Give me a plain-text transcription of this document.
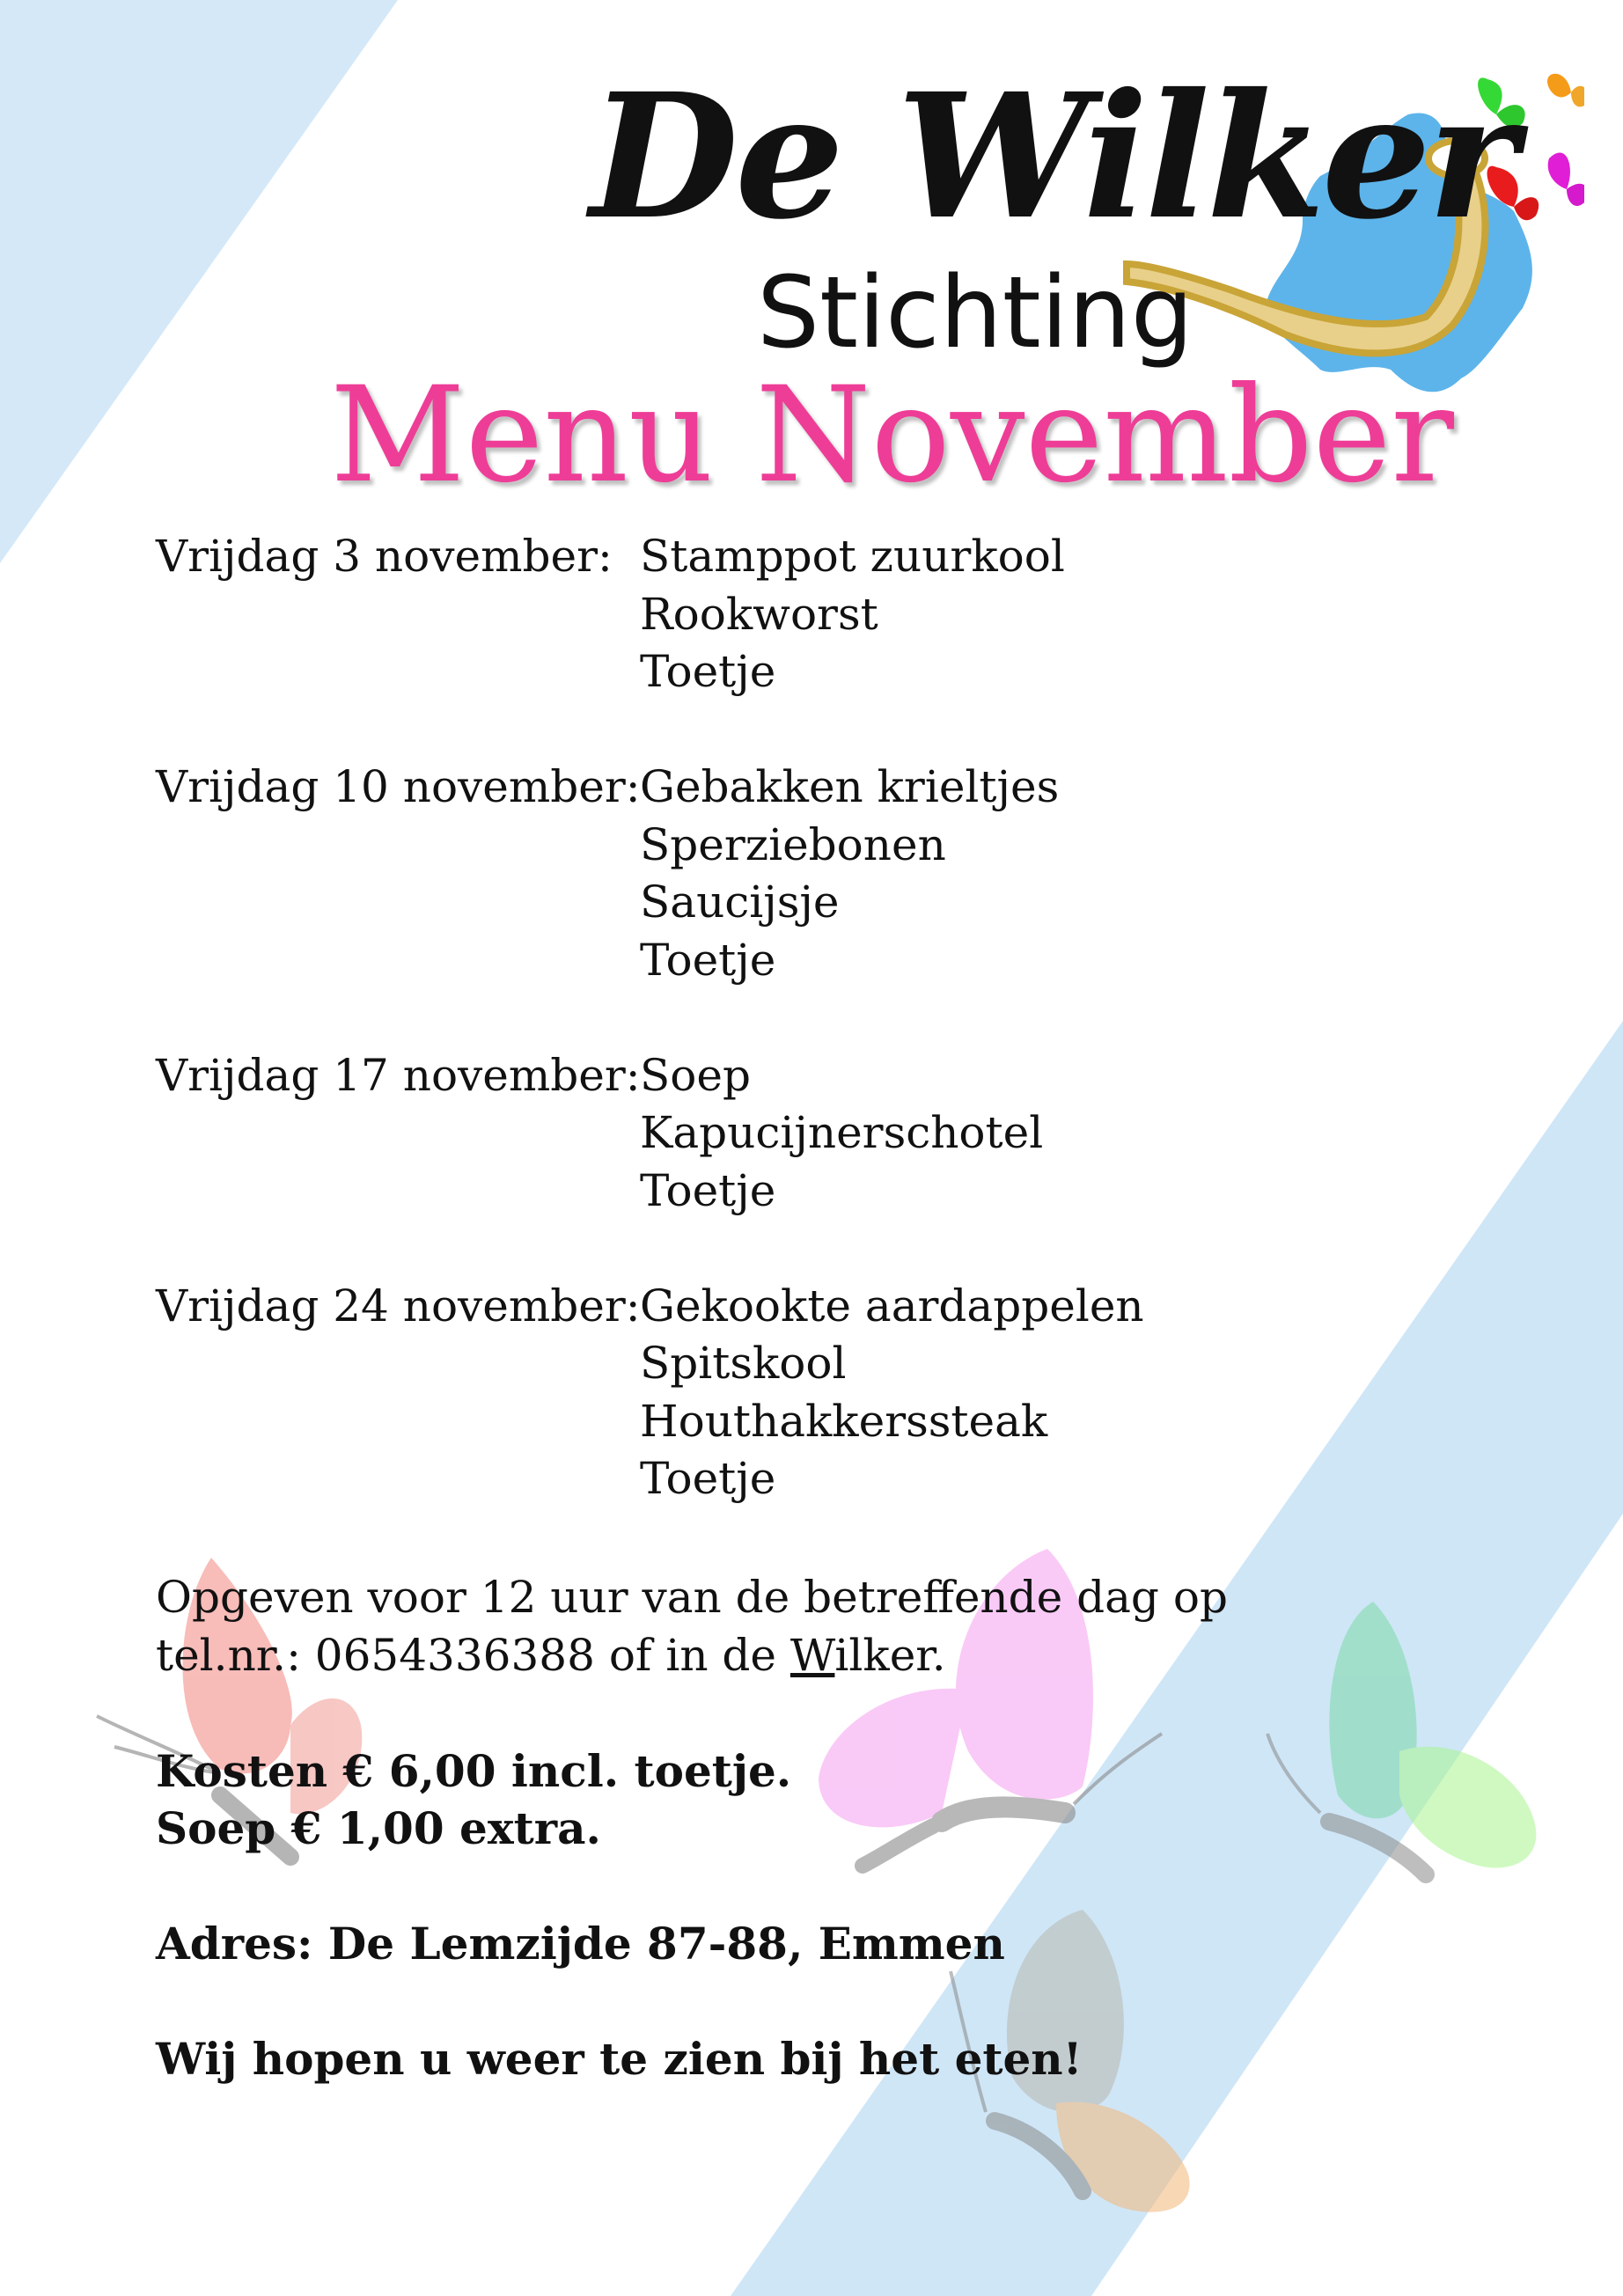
De Wilker
Stichting
Menu November
Vrijdag 3 november: Stamppot zuurkool
Rookworst
Toetje
Vrijdag 10 november: Gebakken krieltjes
Sperziebonen
Saucijsje
Toetje
Vrijdag 17 november: Soep
Kapucijnerschotel
Toetje
Vrijdag 24 november: Gekookte aardappelen
Spitskool
Houthakkerssteak
Toetje

Opgeven voor 12 uur van de betreffende dag op

tel.nr.: 0654336388 of in de Wilker.

Kosten € 6,00 incl. toetje.

Soep € 1,00 extra.

Adres: De Lemzijde 87-88, Emmen

Wij hopen u weer te zien bij het eten!
